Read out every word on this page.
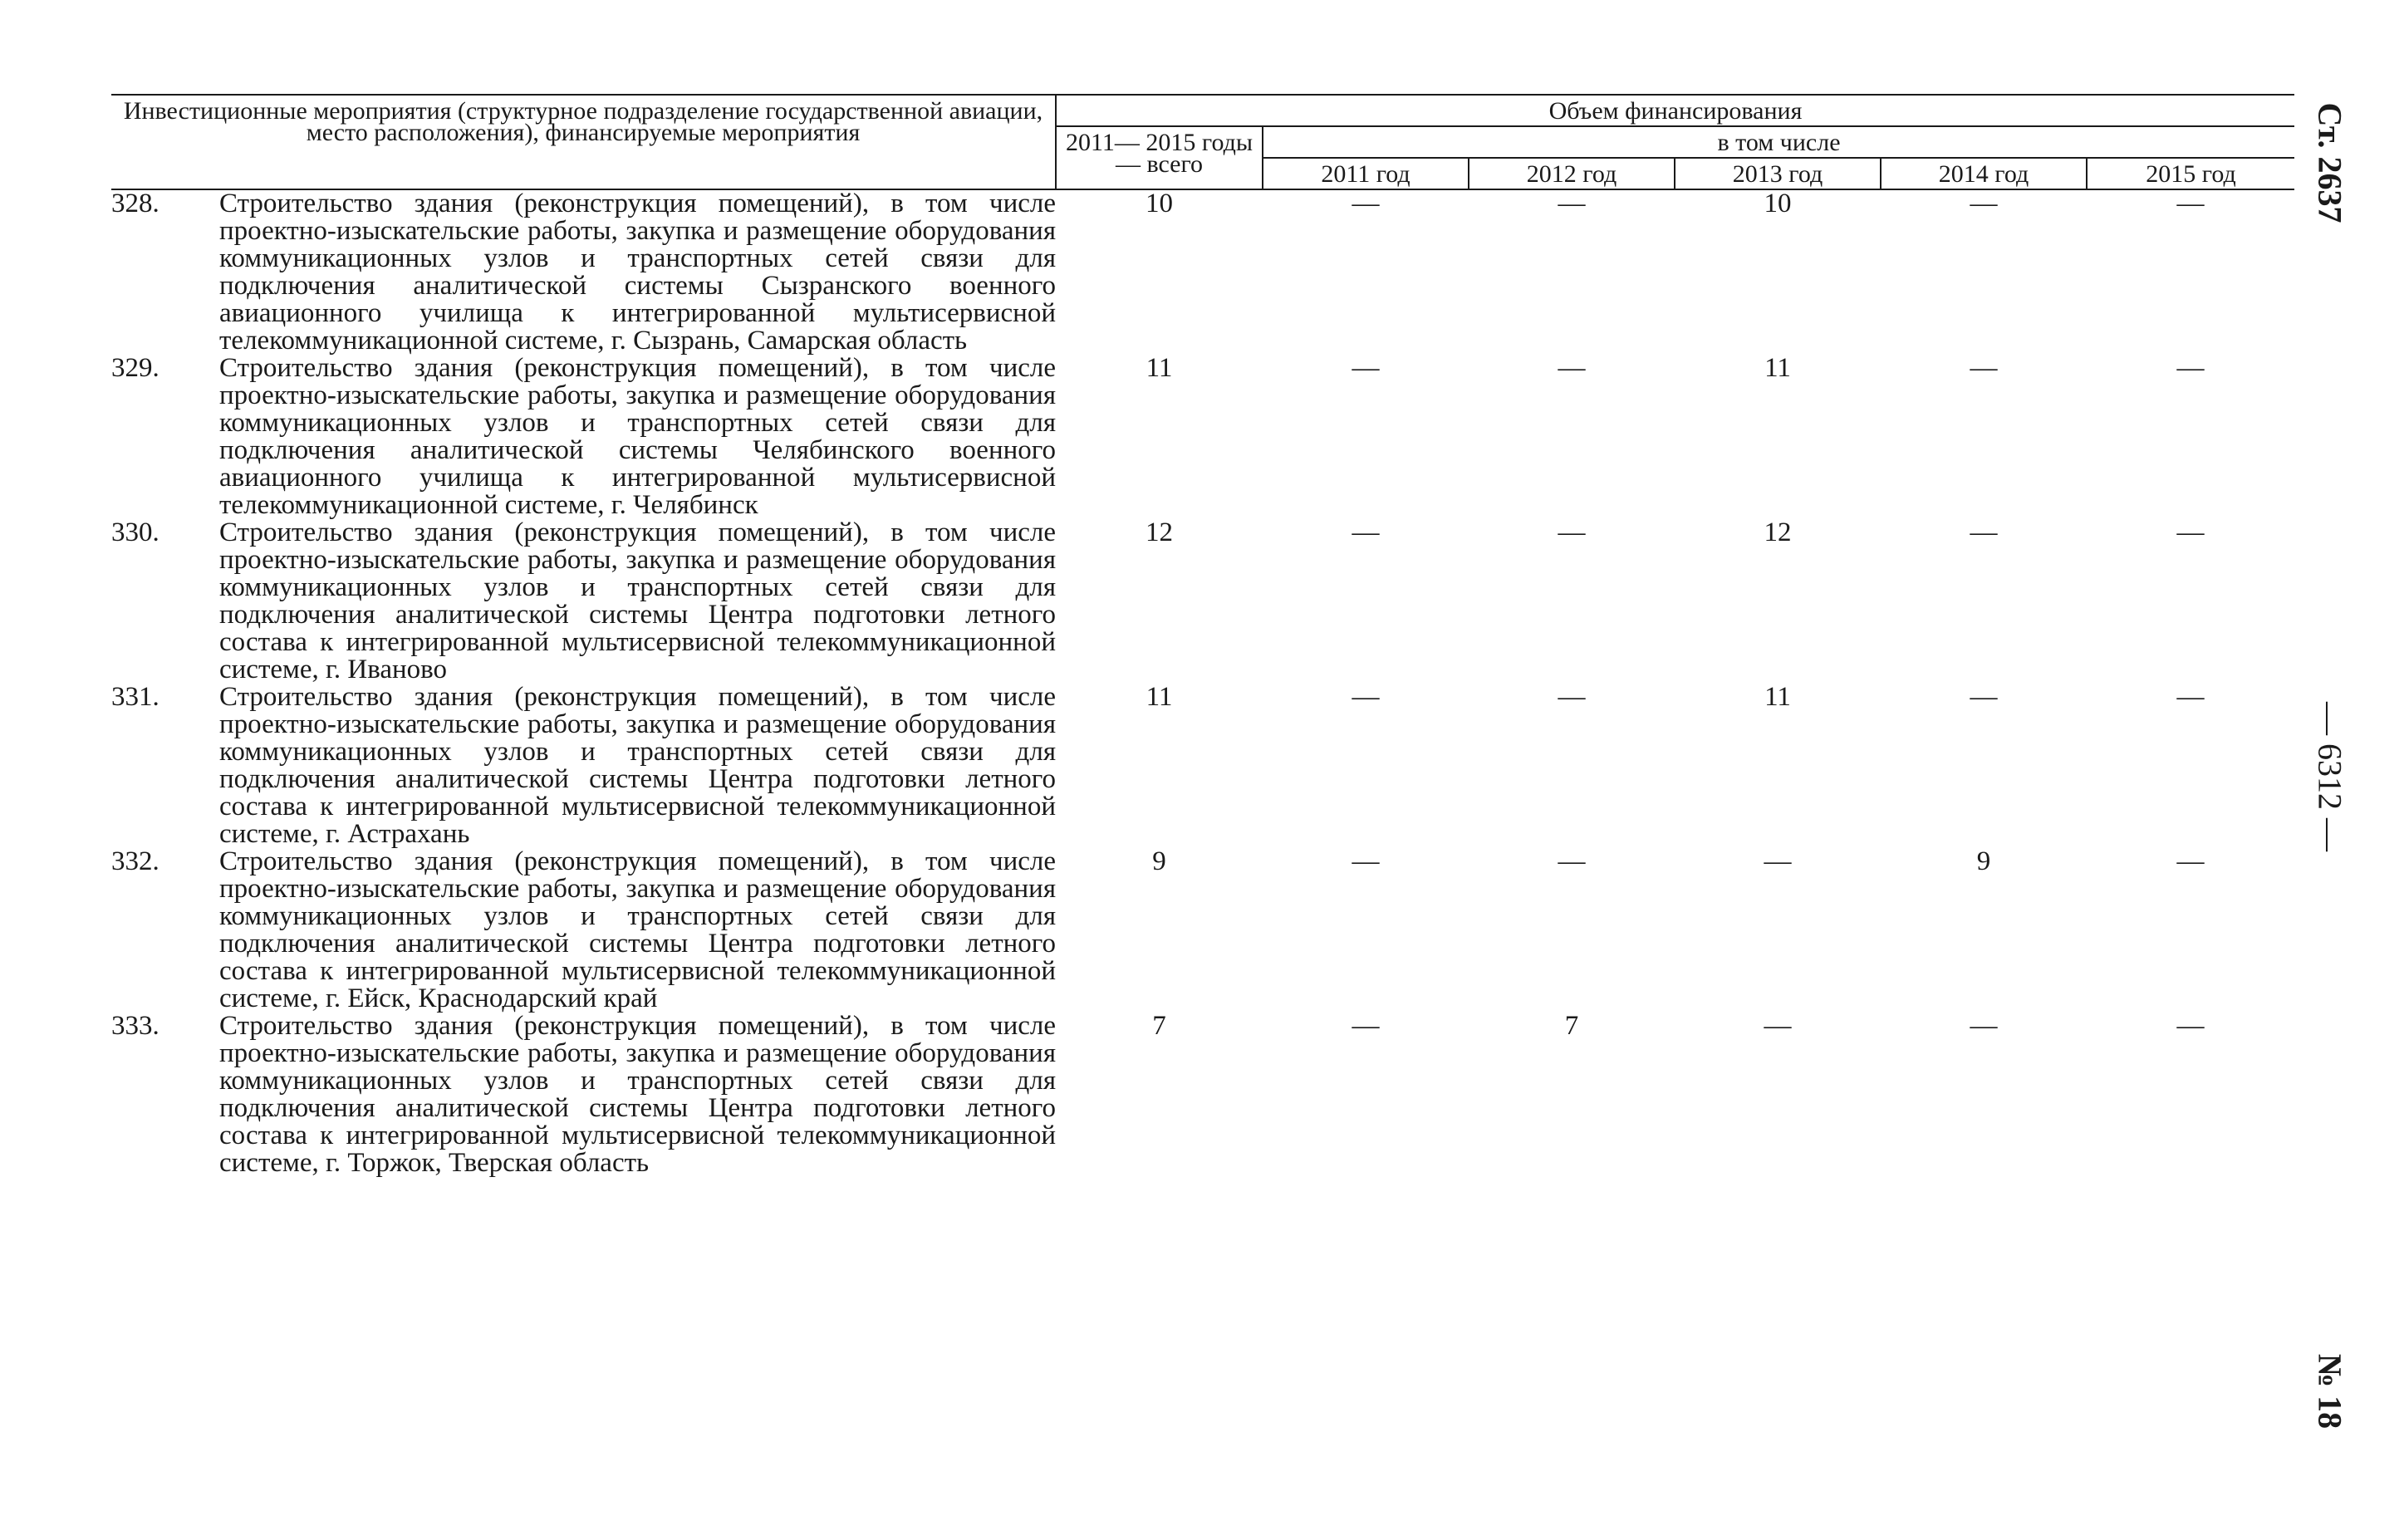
Инвестиционные мероприятия (структурное подразделение государственной авиации, место расположения), финансируемые мероприятия		Объем финансирования					
		2011— 2015 годы — всего	в том числе				
			2011 год	2012 год	2013 год	2014 год	2015 год
328.	Строительство здания (реконструкция помещений), в том числе проектно-изыскательские работы, закупка и размещение оборудования коммуникационных узлов и транспортных сетей связи для подключения аналитической системы Сызранского военного авиационного училища к интегрированной мультисервисной телекоммуникационной системе, г. Сызрань, Самарская область	10	—	—	10	—	—
329.	Строительство здания (реконструкция помещений), в том числе проектно-изыскательские работы, закупка и размещение оборудования коммуникационных узлов и транспортных сетей связи для подключения аналитической системы Челябинского военного авиационного училища к интегрированной мультисервисной телекоммуникационной системе, г. Челябинск	11	—	—	11	—	—
330.	Строительство здания (реконструкция помещений), в том числе проектно-изыскательские работы, закупка и размещение оборудования коммуникационных узлов и транспортных сетей связи для подключения аналитической системы Центра подготовки летного состава к интегрированной мультисервисной телекоммуникационной системе, г. Иваново	12	—	—	12	—	—
331.	Строительство здания (реконструкция помещений), в том числе проектно-изыскательские работы, закупка и размещение оборудования коммуникационных узлов и транспортных сетей связи для подключения аналитической системы Центра подготовки летного состава к интегрированной мультисервисной телекоммуникационной системе, г. Астрахань	11	—	—	11	—	—
332.	Строительство здания (реконструкция помещений), в том числе проектно-изыскательские работы, закупка и размещение оборудования коммуникационных узлов и транспортных сетей связи для подключения аналитической системы Центра подготовки летного состава к интегрированной мультисервисной телекоммуникационной системе, г. Ейск, Краснодарский край	9	—	—	—	9	—
333.	Строительство здания (реконструкция помещений), в том числе проектно-изыскательские работы, закупка и размещение оборудования коммуникационных узлов и транспортных сетей связи для подключения аналитической системы Центра подготовки летного состава к интегрированной мультисервисной телекоммуникационной системе, г. Торжок, Тверская область	7	—	7	—	—	—
Ст. 2637
— 6312 —
№ 18
